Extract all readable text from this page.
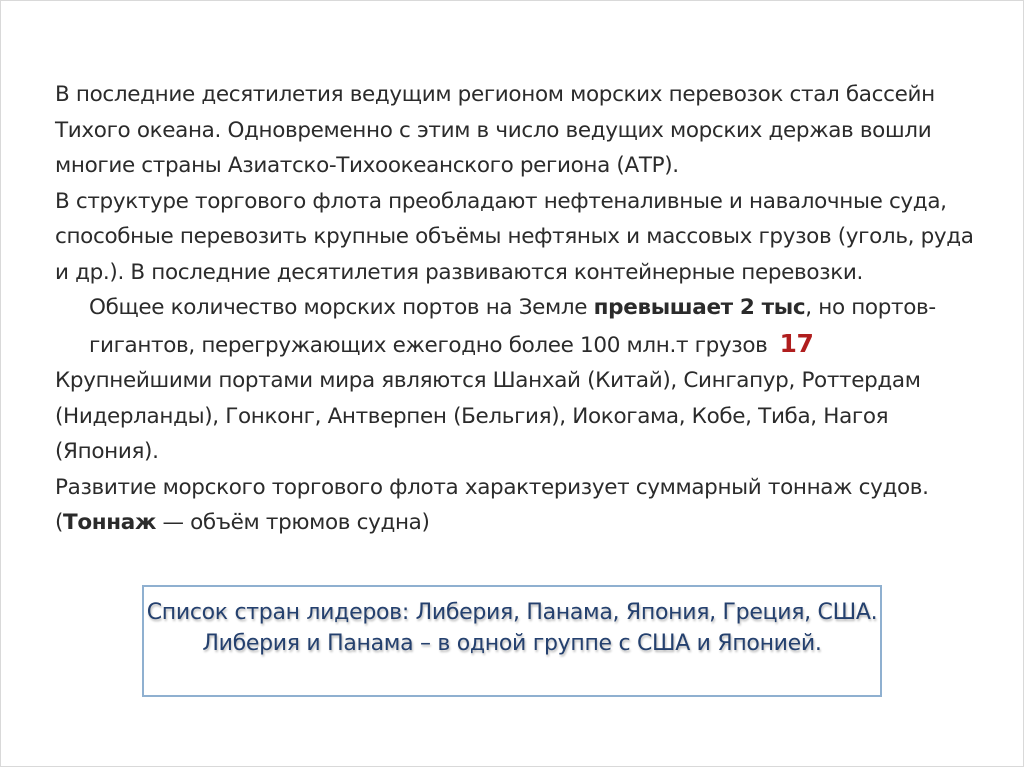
В последние десятилетия ведущим регионом морских перевозок стал бассейн Тихого океана. Одновременно с этим в число ведущих морских держав вошли многие страны Азиатско-Тихоокеанского региона (АТР).

В структуре торгового флота преобладают нефтеналивные и навалочные суда, способные перевозить крупные объёмы нефтяных и массовых грузов (уголь, руда и др.). В последние десятилетия развиваются контейнерные перевозки.

Общее количество морских портов на Земле превышает 2 тыс, но портов-гигантов, перегружающих ежегодно более 100 млн.т грузов 17

Крупнейшими портами мира являются Шанхай (Китай), Сингапур, Роттердам (Нидерланды), Гонконг, Антверпен (Бельгия), Иокогама, Кобе, Тиба, Нагоя (Япония).

Развитие морского торгового флота характеризует суммарный тоннаж судов. (Тоннаж — объём трюмов судна)

Список стран лидеров: Либерия, Панама, Япония, Греция, США.

Либерия и Панама – в одной группе с США и Японией.
